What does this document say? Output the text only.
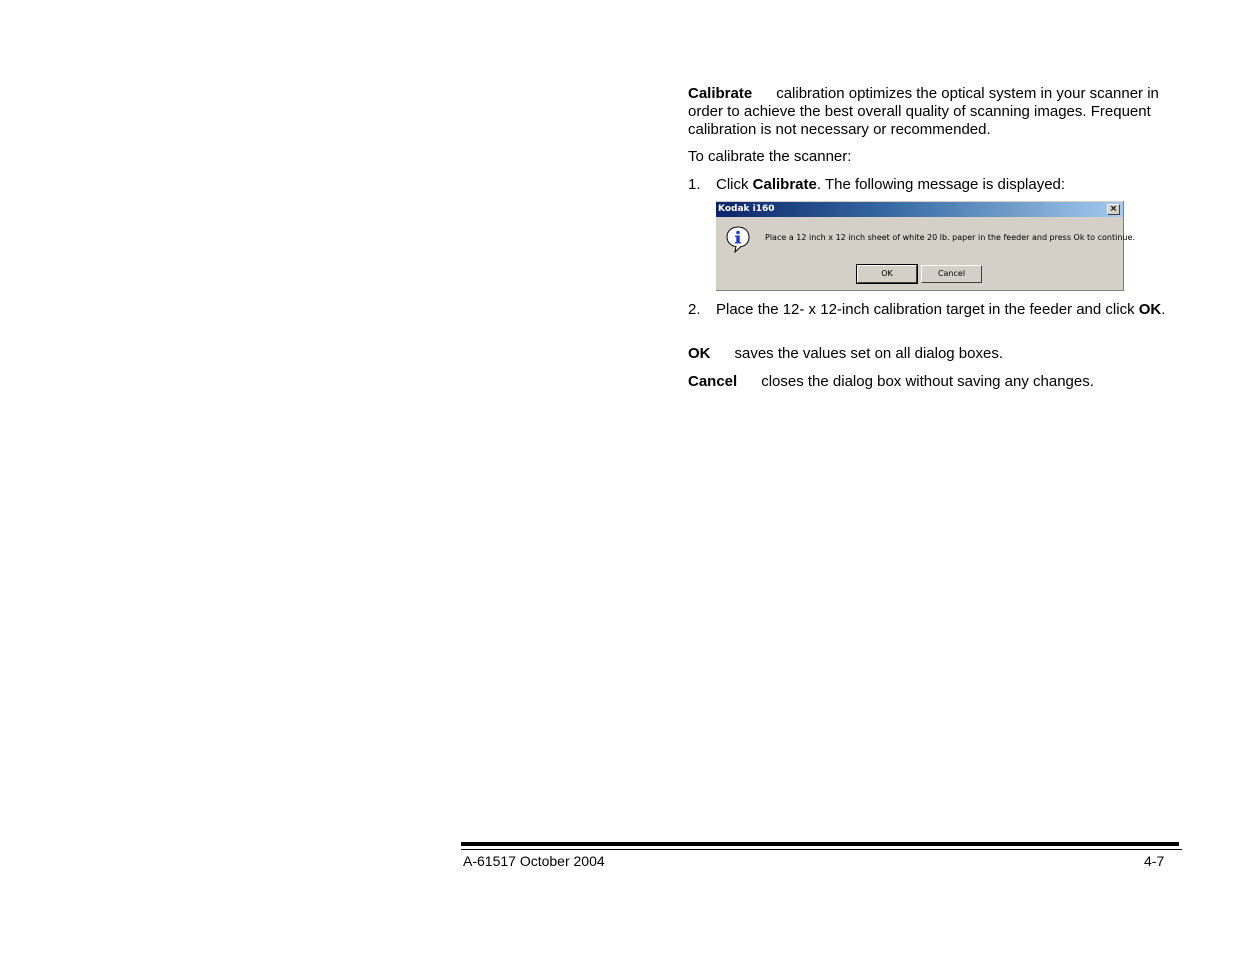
Calibrate calibration optimizes the optical system in your scanner in
order to achieve the best overall quality of scanning images. Frequent
calibration is not necessary or recommended.
To calibrate the scanner:
1. Click Calibrate. The following message is displayed:
Kodak i160	×
Place a 12 inch x 12 inch sheet of white 20 lb. paper in the feeder and press Ok to continue.
OK	Cancel
2. Place the 12- x 12-inch calibration target in the feeder and click OK.
OK saves the values set on all dialog boxes.
Cancel closes the dialog box without saving any changes.
A-61517 October 2004	4-7
